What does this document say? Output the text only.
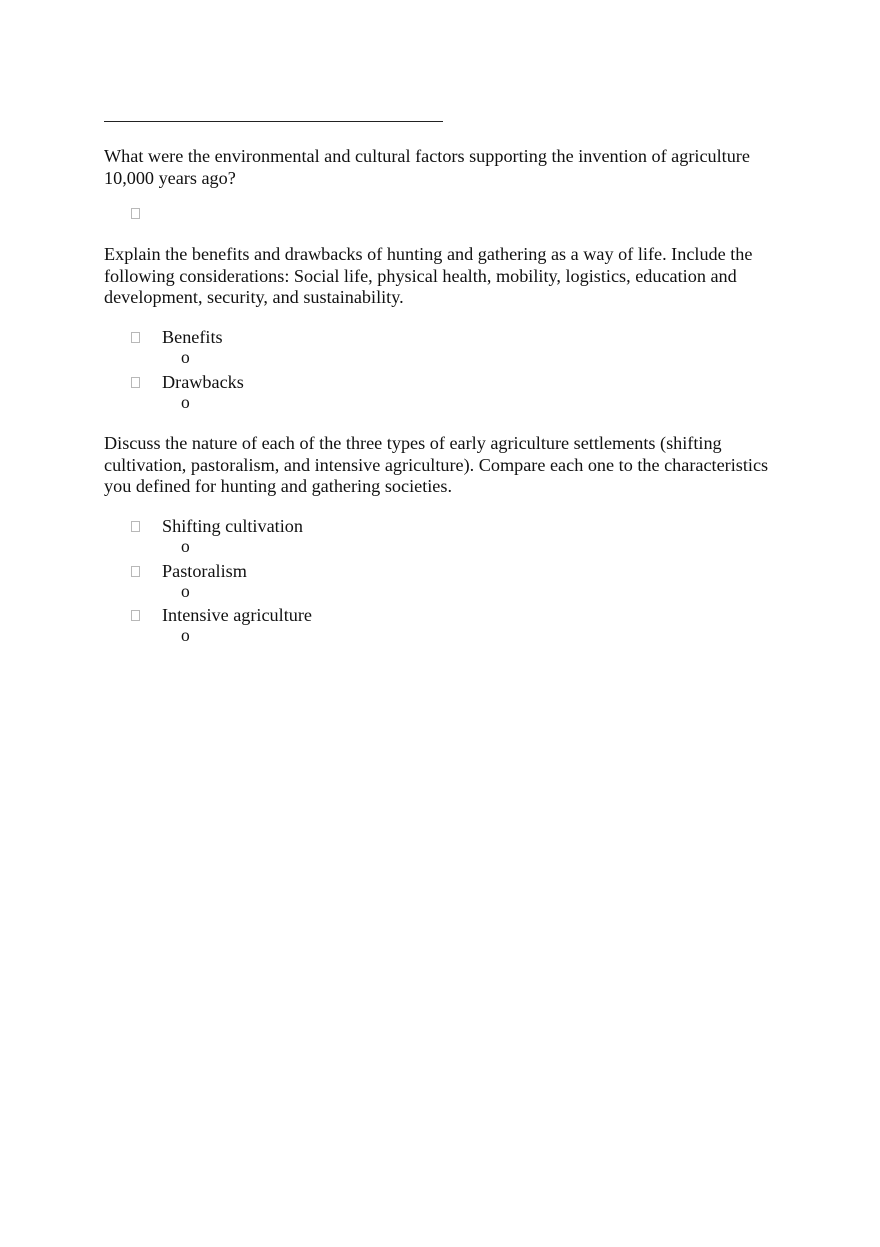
What were the environmental and cultural factors supporting the invention of agriculture 10,000 years ago?

Explain the benefits and drawbacks of hunting and gathering as a way of life. Include the following considerations: Social life, physical health, mobility, logistics, education and development, security, and sustainability.

Benefits
o
Drawbacks
o

Discuss the nature of each of the three types of early agriculture settlements (shifting cultivation, pastoralism, and intensive agriculture). Compare each one to the characteristics you defined for hunting and gathering societies.

Shifting cultivation
o
Pastoralism
o
Intensive agriculture
o
